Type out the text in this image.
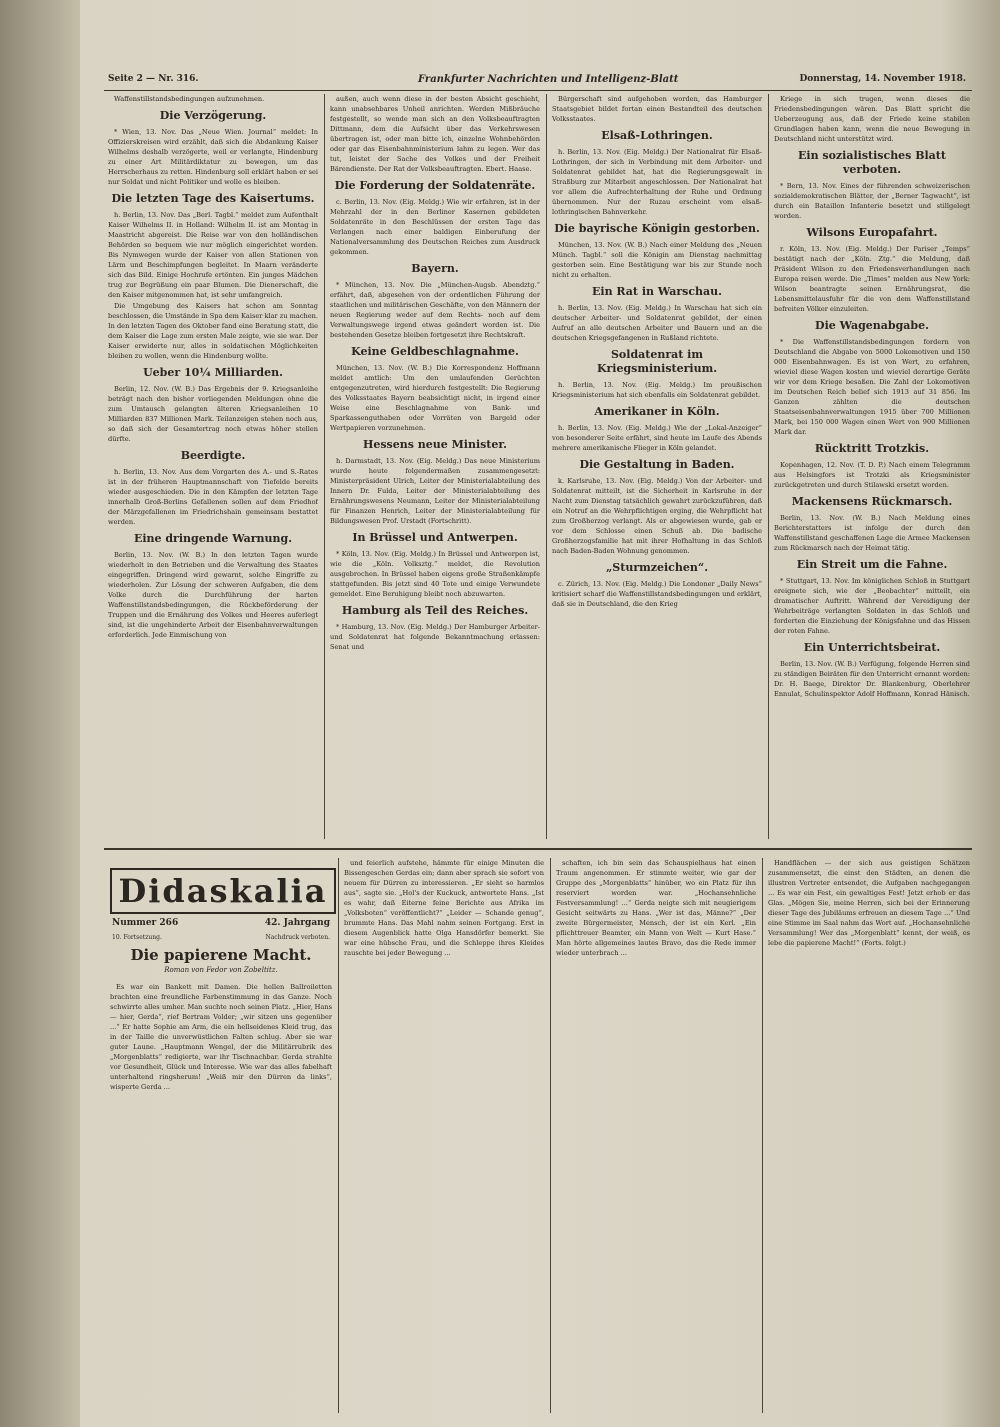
Seite 2 — Nr. 316.	Frankfurter Nachrichten und Intelligenz-Blatt	Donnerstag, 14. November 1918.

Waffenstillstandsbedingungen aufzunehmen.

Die Verzögerung.

* Wien, 13. Nov. Das „Neue Wien. Journal“ meldet: In Offizierskreisen wird erzählt, daß sich die Abdankung Kaiser Wilhelms deshalb verzögerte, weil er verlangte, Hindenburg zu einer Art Militärdiktatur zu bewegen, um das Herrscherhaus zu retten. Hindenburg soll erklärt haben er sei nur Soldat und nicht Politiker und wolle es bleiben.

Die letzten Tage des Kaisertums.

h. Berlin, 13. Nov. Das „Berl. Tagbl.“ meldet zum Aufenthalt Kaiser Wilhelms II. in Holland: Wilhelm II. ist am Montag in Maastricht abgereist. Die Reise war von den holländischen Behörden so bequem wie nur möglich eingerichtet worden. Bis Nymwegen wurde der Kaiser von allen Stationen von Lärm und Beschimpfungen begleitet. In Maarn veränderte sich das Bild. Einige Hochrufe ertönten. Ein junges Mädchen trug zur Begrüßung ein paar Blumen. Die Dienerschaft, die den Kaiser mitgenommen hat, ist sehr umfangreich.

Die Umgebung des Kaisers hat schon am Sonntag beschlossen, die Umstände in Spa dem Kaiser klar zu machen. In den letzten Tagen des Oktober fand eine Beratung statt, die dem Kaiser die Lage zum ersten Male zeigte, wie sie war. Der Kaiser erwiderte nur, alles in soldatischen Möglichkeiten bleiben zu wollen, wenn die Hindenburg wollte.

Ueber 10¼ Milliarden.

Berlin, 12. Nov. (W. B.) Das Ergebnis der 9. Kriegsanleihe beträgt nach den bisher vorliegenden Meldungen ohne die zum Umtausch gelangten älteren Kriegsanleihen 10 Milliarden 837 Millionen Mark. Teilanzeigen stehen noch aus, so daß sich der Gesamtertrag noch etwas höher stellen dürfte.

Beerdigte.

h. Berlin, 13. Nov. Aus dem Vorgarten des A.- und S.-Rates ist in der früheren Hauptmannschaft von Tiefelde bereits wieder ausgeschieden. Die in den Kämpfen der letzten Tage innerhalb Groß-Berlins Gefallenen sollen auf dem Friedhof der Märzgefallenen im Friedrichshain gemeinsam bestattet werden.

Eine dringende Warnung.

Berlin, 13. Nov. (W. B.) In den letzten Tagen wurde wiederholt in den Betrieben und die Verwaltung des Staates eingegriffen. Dringend wird gewarnt, solche Eingriffe zu wiederholen. Zur Lösung der schweren Aufgaben, die dem Volke durch die Durchführung der harten Waffenstillstandsbedingungen, die Rückbeförderung der Truppen und die Ernährung des Volkes und Heeres auferlegt sind, ist die ungehinderte Arbeit der Eisenbahnverwaltungen erforderlich. Jede Einmischung von

außen, auch wenn diese in der besten Absicht geschieht, kann unabsehbares Unheil anrichten. Werden Mißbräuche festgestellt, so wende man sich an den Volksbeauftragten Dittmann, dem die Aufsicht über das Verkehrswesen übertragen ist, oder man bitte ich, einzelne Wohnbehörden oder gar das Eisenbahnministerium lahm zu legen. Wer das tut, leistet der Sache des Volkes und der Freiheit Bärendienste. Der Rat der Volksbeauftragten. Ebert. Haase.

Die Forderung der Soldatenräte.

c. Berlin, 13. Nov. (Eig. Meldg.) Wie wir erfahren, ist in der Mehrzahl der in den Berliner Kasernen gebildeten Soldatenräte in den Beschlüssen der ersten Tage das Verlangen nach einer baldigen Einberufung der Nationalversammlung des Deutschen Reiches zum Ausdruck gekommen.

Bayern.

* München, 13. Nov. Die „München-Augsb. Abendztg.“ erfährt, daß, abgesehen von der ordentlichen Führung der staatlichen und militärischen Geschäfte, von den Männern der neuen Regierung weder auf dem Rechts- noch auf dem Verwaltungswege irgend etwas geändert worden ist. Die bestehenden Gesetze bleiben fortgesetzt ihre Rechtskraft.

Keine Geldbeschlagnahme.

München, 13. Nov. (W. B.) Die Korrespondenz Hoffmann meldet amtlich: Um den umlaufenden Gerüchten entgegenzutreten, wird hierdurch festgestellt: Die Regierung des Volksstaates Bayern beabsichtigt nicht, in irgend einer Weise eine Beschlagnahme von Bank- und Sparkassenguthaben oder Vorräten von Bargeld oder Wertpapieren vorzunehmen.

Hessens neue Minister.

h. Darmstadt, 13. Nov. (Eig. Meldg.) Das neue Ministerium wurde heute folgendermaßen zusammengesetzt: Ministerpräsident Ulrich, Leiter der Ministerialabteilung des Innern Dr. Fulda, Leiter der Ministerialabteilung des Ernährungswesens Neumann, Leiter der Ministerialabteilung für Finanzen Henrich, Leiter der Ministerialabteilung für Bildungswesen Prof. Urstadt (Fortschritt).

In Brüssel und Antwerpen.

* Köln, 13. Nov. (Eig. Meldg.) In Brüssel und Antwerpen ist, wie die „Köln. Volksztg.“ meldet, die Revolution ausgebrochen. In Brüssel haben eigens große Straßenkämpfe stattgefunden. Bis jetzt sind 40 Tote und einige Verwundete gemeldet. Eine Beruhigung bleibt noch abzuwarten.

Hamburg als Teil des Reiches.

* Hamburg, 13. Nov. (Eig. Meldg.) Der Hamburger Arbeiter- und Soldatenrat hat folgende Bekanntmachung erlassen: Senat und

Bürgerschaft sind aufgehoben worden, das Hamburger Staatsgebiet bildet fortan einen Bestandteil des deutschen Volksstaates.

Elsaß-Lothringen.

h. Berlin, 13. Nov. (Eig. Meldg.) Der Nationalrat für Elsaß-Lothringen, der sich in Verbindung mit dem Arbeiter- und Soldatenrat gebildet hat, hat die Regierungsgewalt in Straßburg zur Mitarbeit angeschlossen. Der Nationalrat hat vor allem die Aufrechterhaltung der Ruhe und Ordnung übernommen. Nur der Ruzau erscheint vom elsaß-lothringischen Bahnverkehr.

Die bayrische Königin gestorben.

München, 13. Nov. (W. B.) Nach einer Meldung des „Neuen Münch. Tagbl.“ soll die Königin am Dienstag nachmittag gestorben sein. Eine Bestätigung war bis zur Stunde noch nicht zu erhalten.

Ein Rat in Warschau.

h. Berlin, 13. Nov. (Eig. Meldg.) In Warschau hat sich ein deutscher Arbeiter- und Soldatenrat gebildet, der einen Aufruf an alle deutschen Arbeiter und Bauern und an die deutschen Kriegsgefangenen in Rußland richtete.

Soldatenrat im Kriegsministerium.

h. Berlin, 13. Nov. (Eig. Meldg.) Im preußischen Kriegsministerium hat sich ebenfalls ein Soldatenrat gebildet.

Amerikaner in Köln.

h. Berlin, 13. Nov. (Eig. Meldg.) Wie der „Lokal-Anzeiger“ von besonderer Seite erfährt, sind heute im Laufe des Abends mehrere amerikanische Flieger in Köln gelandet.

Die Gestaltung in Baden.

k. Karlsruhe, 13. Nov. (Eig. Meldg.) Von der Arbeiter- und Soldatenrat mitteilt, ist die Sicherheit in Karlsruhe in der Nacht zum Dienstag tatsächlich gewahrt zurückzuführen, daß ein Notruf an die Wehrpflichtigen erging, die Wehrpflicht hat zum Großherzog verlangt. Als er abgewiesen wurde, gab er vor dem Schlosse einen Schuß ab. Die badische Großherzogsfamilie hat mit ihrer Hofhaltung in das Schloß nach Baden-Baden Wohnung genommen.

„Sturmzeichen“.

c. Zürich, 13. Nov. (Eig. Meldg.) Die Londoner „Daily News“ kritisiert scharf die Waffenstillstandsbedingungen und erklärt, daß sie in Deutschland, die den Krieg

Kriege in sich trugen, wenn dieses die Friedensbedingungen wären. Das Blatt spricht die Ueberzeugung aus, daß der Friede keine stabilen Grundlagen haben kann, wenn die neue Bewegung in Deutschland nicht unterstützt wird.

Ein sozialistisches Blatt verboten.

* Bern, 13. Nov. Eines der führenden schweizerischen sozialdemokratischen Blätter, der „Berner Tagwacht“, ist durch ein Bataillon Infanterie besetzt und stillgelegt worden.

Wilsons Europafahrt.

r. Köln, 13. Nov. (Eig. Meldg.) Der Pariser „Temps“ bestätigt nach der „Köln. Ztg.“ die Meldung, daß Präsident Wilson zu den Friedensverhandlungen nach Europa reisen werde. Die „Times“ melden aus New York: Wilson beantragte seinen Ernährungsrat, die Lebensmittelausfuhr für die von dem Waffenstillstand befreiten Völker einzuleiten.

Die Wagenabgabe.

* Die Waffenstillstandsbedingungen fordern von Deutschland die Abgabe von 5000 Lokomotiven und 150 000 Eisenbahnwagen. Es ist von Wert, zu erfahren, wieviel diese Wagen kosten und wieviel derartige Geräte wir vor dem Kriege besaßen. Die Zahl der Lokomotiven im Deutschen Reich belief sich 1913 auf 31 856. Im Ganzen zählten die deutschen Staatseisenbahnverwaltungen 1915 über 700 Millionen Mark, bei 150 000 Wagen einen Wert von 900 Millionen Mark dar.

Rücktritt Trotzkis.

Kopenhagen, 12. Nov. (T. D. P.) Nach einem Telegramm aus Helsingfors ist Trotzki als Kriegsminister zurückgetreten und durch Stilawski ersetzt worden.

Mackensens Rückmarsch.

Berlin, 13. Nov. (W. B.) Nach Meldung eines Berichterstatters ist infolge der durch den Waffenstillstand geschaffenen Lage die Armee Mackensen zum Rückmarsch nach der Heimat tätig.

Ein Streit um die Fahne.

* Stuttgart, 13. Nov. Im königlichen Schloß in Stuttgart ereignete sich, wie der „Beobachter“ mitteilt, ein dramatischer Auftritt. Während der Vereidigung der Wehrbeiträge verlangten Soldaten in das Schloß und forderten die Einziehung der Königsfahne und das Hissen der roten Fahne.

Ein Unterrichtsbeirat.

Berlin, 13. Nov. (W. B.) Verfügung, folgende Herren sind zu ständigen Beiräten für den Unterricht ernannt worden: Dr. H. Baege, Direktor Dr. Blankenburg, Oberlehrer Ennulat, Schulinspektor Adolf Hoffmann, Konrad Hänisch.

Didaskalia
Nummer 266	42. Jahrgang
10. Fortsetzung.	Nachdruck verboten.
Die papierene Macht.
Roman von Fedor von Zobeltitz.

Es war ein Bankett mit Damen. Die hellen Ballroiletten brachten eine freundliche Farbenstimmung in das Ganze. Noch schwirrte alles umher. Man suchte noch seinen Platz. „Hier, Hans — hier, Gerda“, rief Bertram Volder; „wir sitzen uns gegenüber ...“ Er hatte Sophie am Arm, die ein hellseidenes Kleid trug, das in der Taille die unverwüstlichen Falten schlug. Aber sie war guter Laune. „Hauptmann Wengel, der die Militärrubrik des „Morgenblatts“ redigierte, war ihr Tischnachbar. Gerda strahlte vor Gesundheit, Glück und Interesse. Wie war das alles fabelhaft unterhaltend ringsherum! „Weiß mir den Dürren da links“, wisperte Gerda ...

und feierlich aufstehe, hämmte für einige Minuten die Bissengeschen Gerdas ein; dann aber sprach sie sofort von neuem für Dürren zu interessieren. „Er sieht so harmlos aus“, sagte sie. „Hol's der Kuckuck, antwortete Hans. „Ist es wahr, daß Eiterne feine Berichte aus Afrika im „Volksboten“ veröffentlicht?“ „Leider — Schande genug“, brummte Hans. Das Mahl nahm seinen Fortgang. Erst in diesem Augenblick hatte Olga Hansdörfer bemerkt. Sie war eine hübsche Frau, und die Schleppe ihres Kleides rauschte bei jeder Bewegung ...

schaften, ich bin sein das Schauspielhaus hat einen Traum angenommen. Er stimmte weiter, wie gar der Gruppe des „Morgenblatts“ hinüber, wo ein Platz für ihn reserviert worden war. „Hochansehnliche Festversammlung! ...“ Gerda neigte sich mit neugierigem Gesicht seitwärts zu Hans. „Wer ist das, Männe?“ „Der zweite Bürgermeister, Mensch, der ist ein Kerl. „Ein pflichttreuer Beamter, ein Mann von Welt — Kurt Hase.“ Man hörte allgemeines lautes Bravo, das die Rede immer wieder unterbrach ...

Handflächen — der sich aus geistigen Schätzen zusammensetzt, die einst den Städten, an denen die illustren Vertreter entsendet, die Aufgaben nachgegangen ... Es war ein Fest, ein gewaltiges Fest! Jetzt erhob er das Glas. „Mögen Sie, meine Herren, sich bei der Erinnerung dieser Tage des Jubiläums erfreuen an diesem Tage ...“ Und eine Stimme im Saal nahm das Wort auf. „Hochansehnliche Versammlung! Wer das „Morgenblatt“ kennt, der weiß, es lebe die papierene Macht!“ (Forts. folgt.)
